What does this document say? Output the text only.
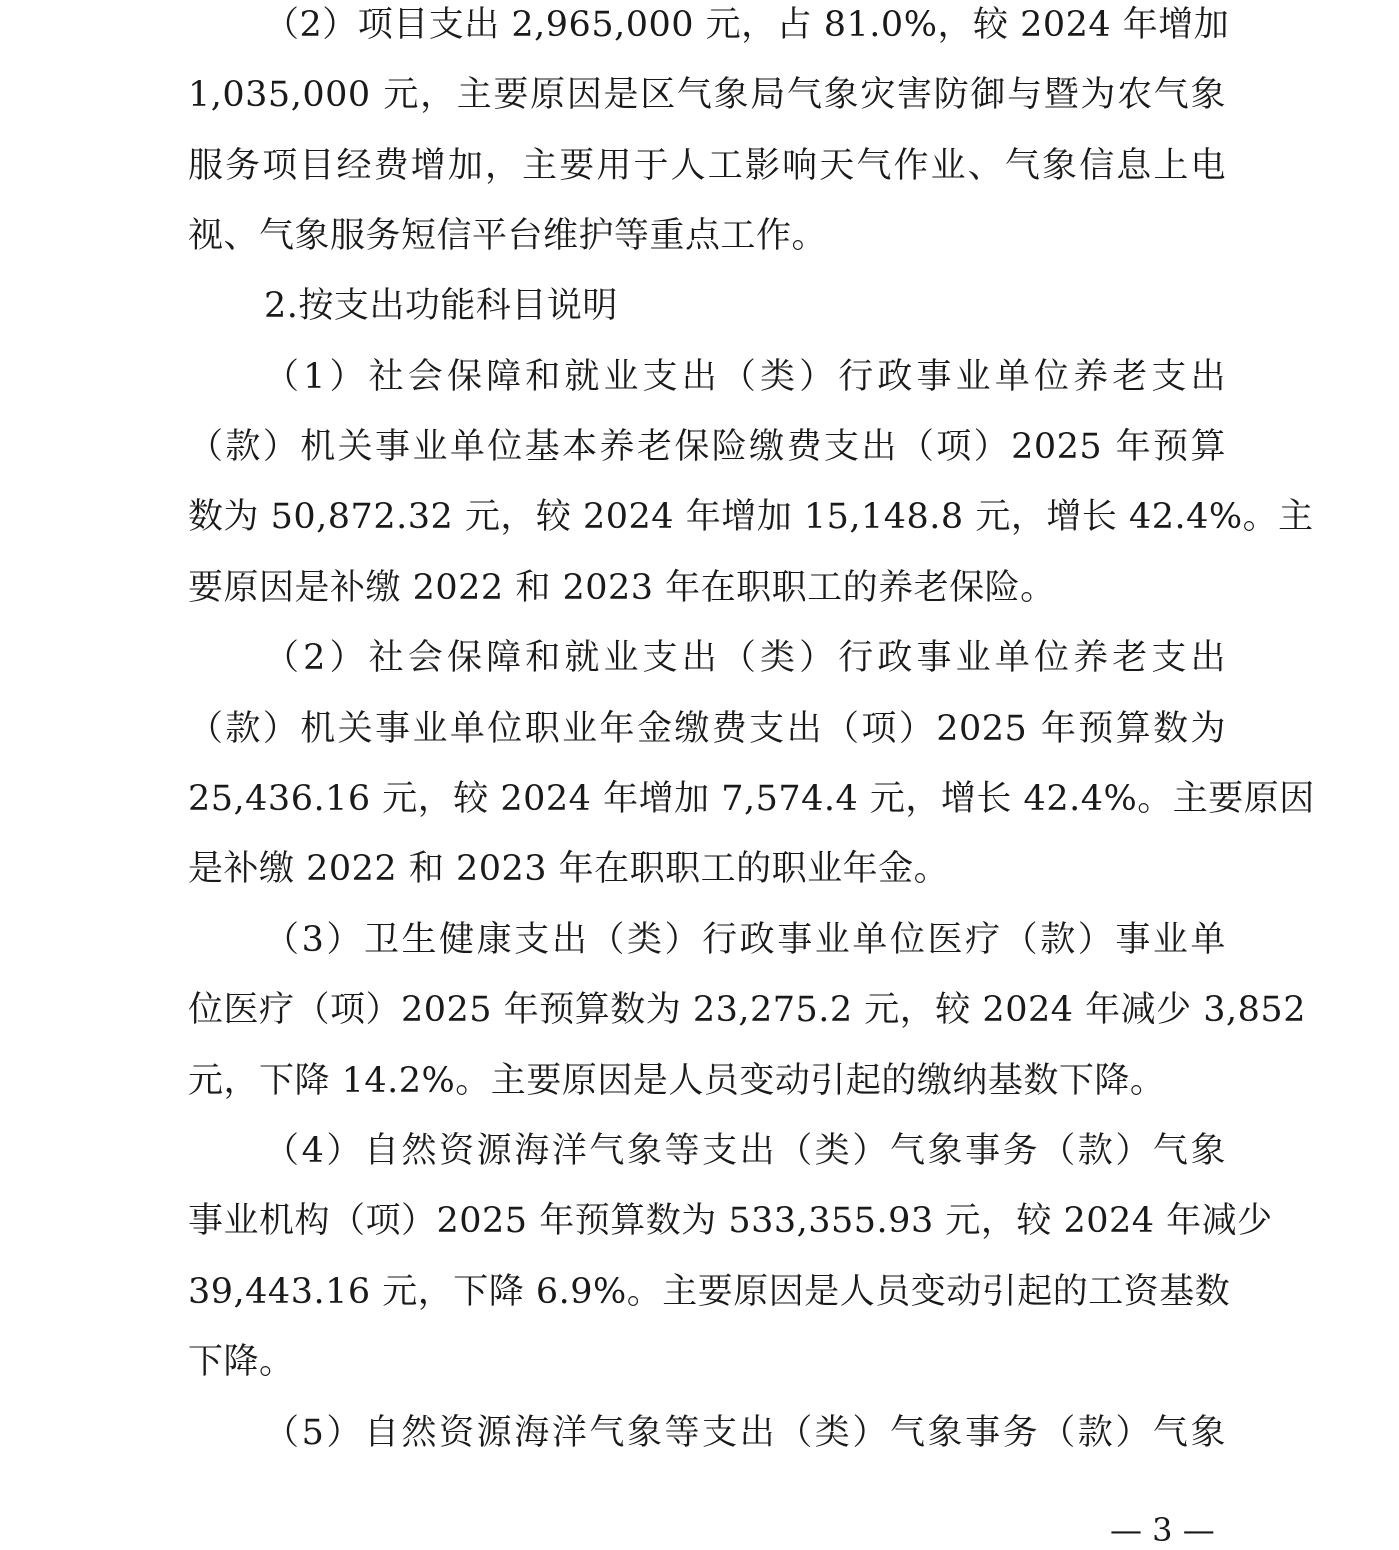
（2）项目支出 2,965,000 元，占 81.0%，较 2024 年增加
1,035,000 元，主要原因是区气象局气象灾害防御与暨为农气象
服务项目经费增加，主要用于人工影响天气作业、气象信息上电
视、气象服务短信平台维护等重点工作。
2.按支出功能科目说明
（1）社会保障和就业支出（类）行政事业单位养老支出
（款）机关事业单位基本养老保险缴费支出（项）2025 年预算
数为 50,872.32 元，较 2024 年增加 15,148.8 元，增长 42.4%。主
要原因是补缴 2022 和 2023 年在职职工的养老保险。
（2）社会保障和就业支出（类）行政事业单位养老支出
（款）机关事业单位职业年金缴费支出（项）2025 年预算数为
25,436.16 元，较 2024 年增加 7,574.4 元，增长 42.4%。主要原因
是补缴 2022 和 2023 年在职职工的职业年金。
（3）卫生健康支出（类）行政事业单位医疗（款）事业单
位医疗（项）2025 年预算数为 23,275.2 元，较 2024 年减少 3,852
元，下降 14.2%。主要原因是人员变动引起的缴纳基数下降。
（4）自然资源海洋气象等支出（类）气象事务（款）气象
事业机构（项）2025 年预算数为 533,355.93 元，较 2024 年减少
39,443.16 元，下降 6.9%。主要原因是人员变动引起的工资基数
下降。
（5）自然资源海洋气象等支出（类）气象事务（款）气象
— 3 —
